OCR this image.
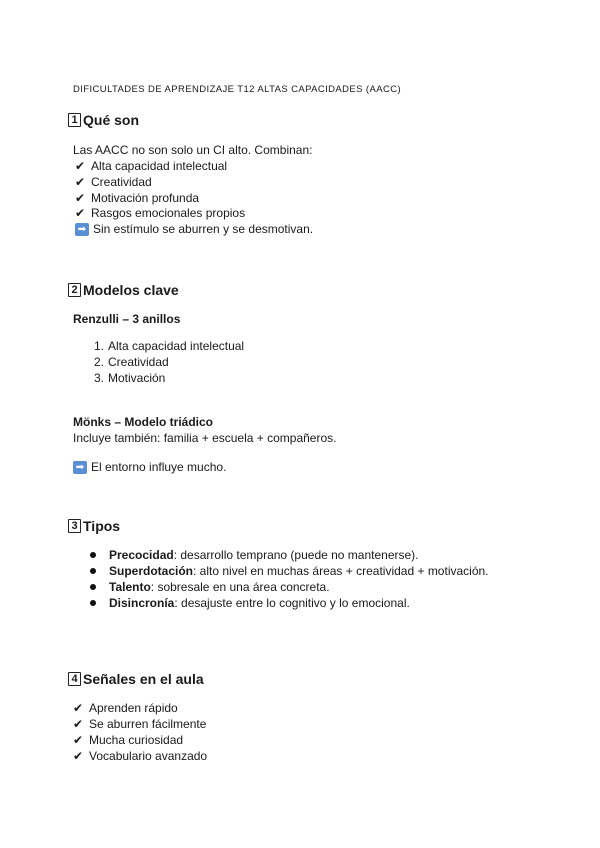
DIFICULTADES DE APRENDIZAJE T12 ALTAS CAPACIDADES (AACC)
1 Qué son
Las AACC no son solo un CI alto. Combinan:
✔ Alta capacidad intelectual
✔ Creatividad
✔ Motivación profunda
✔ Rasgos emocionales propios
➡ Sin estímulo se aburren y se desmotivan.
2 Modelos clave
Renzulli – 3 anillos
1. Alta capacidad intelectual
2. Creatividad
3. Motivación
Mönks – Modelo triádico
Incluye también: familia + escuela + compañeros.
➡ El entorno influye mucho.
3 Tipos
Precocidad: desarrollo temprano (puede no mantenerse).
Superdotación: alto nivel en muchas áreas + creatividad + motivación.
Talento: sobresale en una área concreta.
Disincronía: desajuste entre lo cognitivo y lo emocional.
4 Señales en el aula
✔ Aprenden rápido
✔ Se aburren fácilmente
✔ Mucha curiosidad
✔ Vocabulario avanzado
